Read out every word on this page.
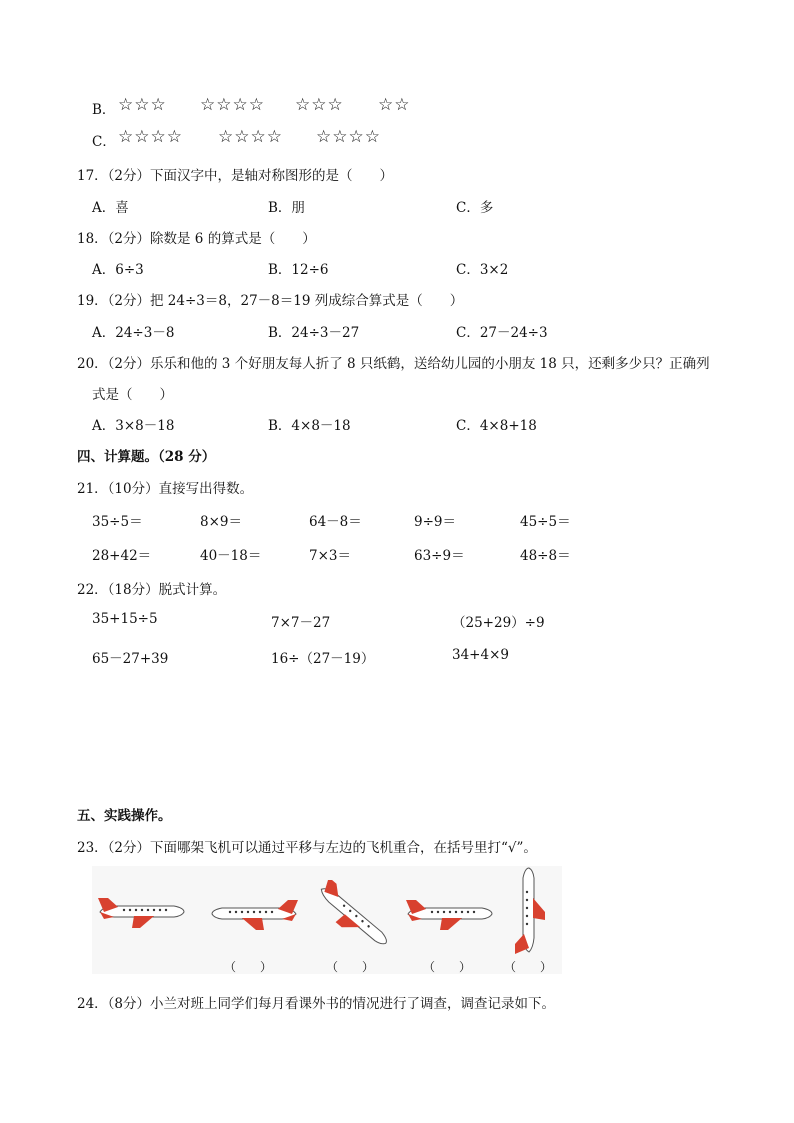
B． ☆☆☆ ☆☆☆☆ ☆☆☆ ☆☆
C． ☆☆☆☆ ☆☆☆☆ ☆☆☆☆
17．（2分）下面汉字中，是轴对称图形的是（　　）
A．喜	B．朋	C．多
18．（2分）除数是 6 的算式是（　　）
A．6÷3	B．12÷6	C．3×2
19．（2分）把 24÷3＝8，27－8＝19 列成综合算式是（　　）
A．24÷3－8	B．24÷3－27	C．27－24÷3
20．（2分）乐乐和他的 3 个好朋友每人折了 8 只纸鹤，送给幼儿园的小朋友 18 只，还剩多少只？正确列
式是（　　）
A．3×8－18	B．4×8－18	C．4×8+18
四、计算题。（28 分）
21．（10分）直接写出得数。
35÷5＝	8×9＝	64－8＝	9÷9＝	45÷5＝
28+42＝	40－18＝	7×3＝	63÷9＝	48÷8＝
22．（18分）脱式计算。
35+15÷5	7×7－27	（25+29）÷9
65－27+39	16÷（27－19）	34+4×9
五、实践操作。
23．（2分）下面哪架飞机可以通过平移与左边的飞机重合，在括号里打“√”。
（　　）	（　　）	（　　）	（　　）
24．（8分）小兰对班上同学们每月看课外书的情况进行了调查，调查记录如下。
